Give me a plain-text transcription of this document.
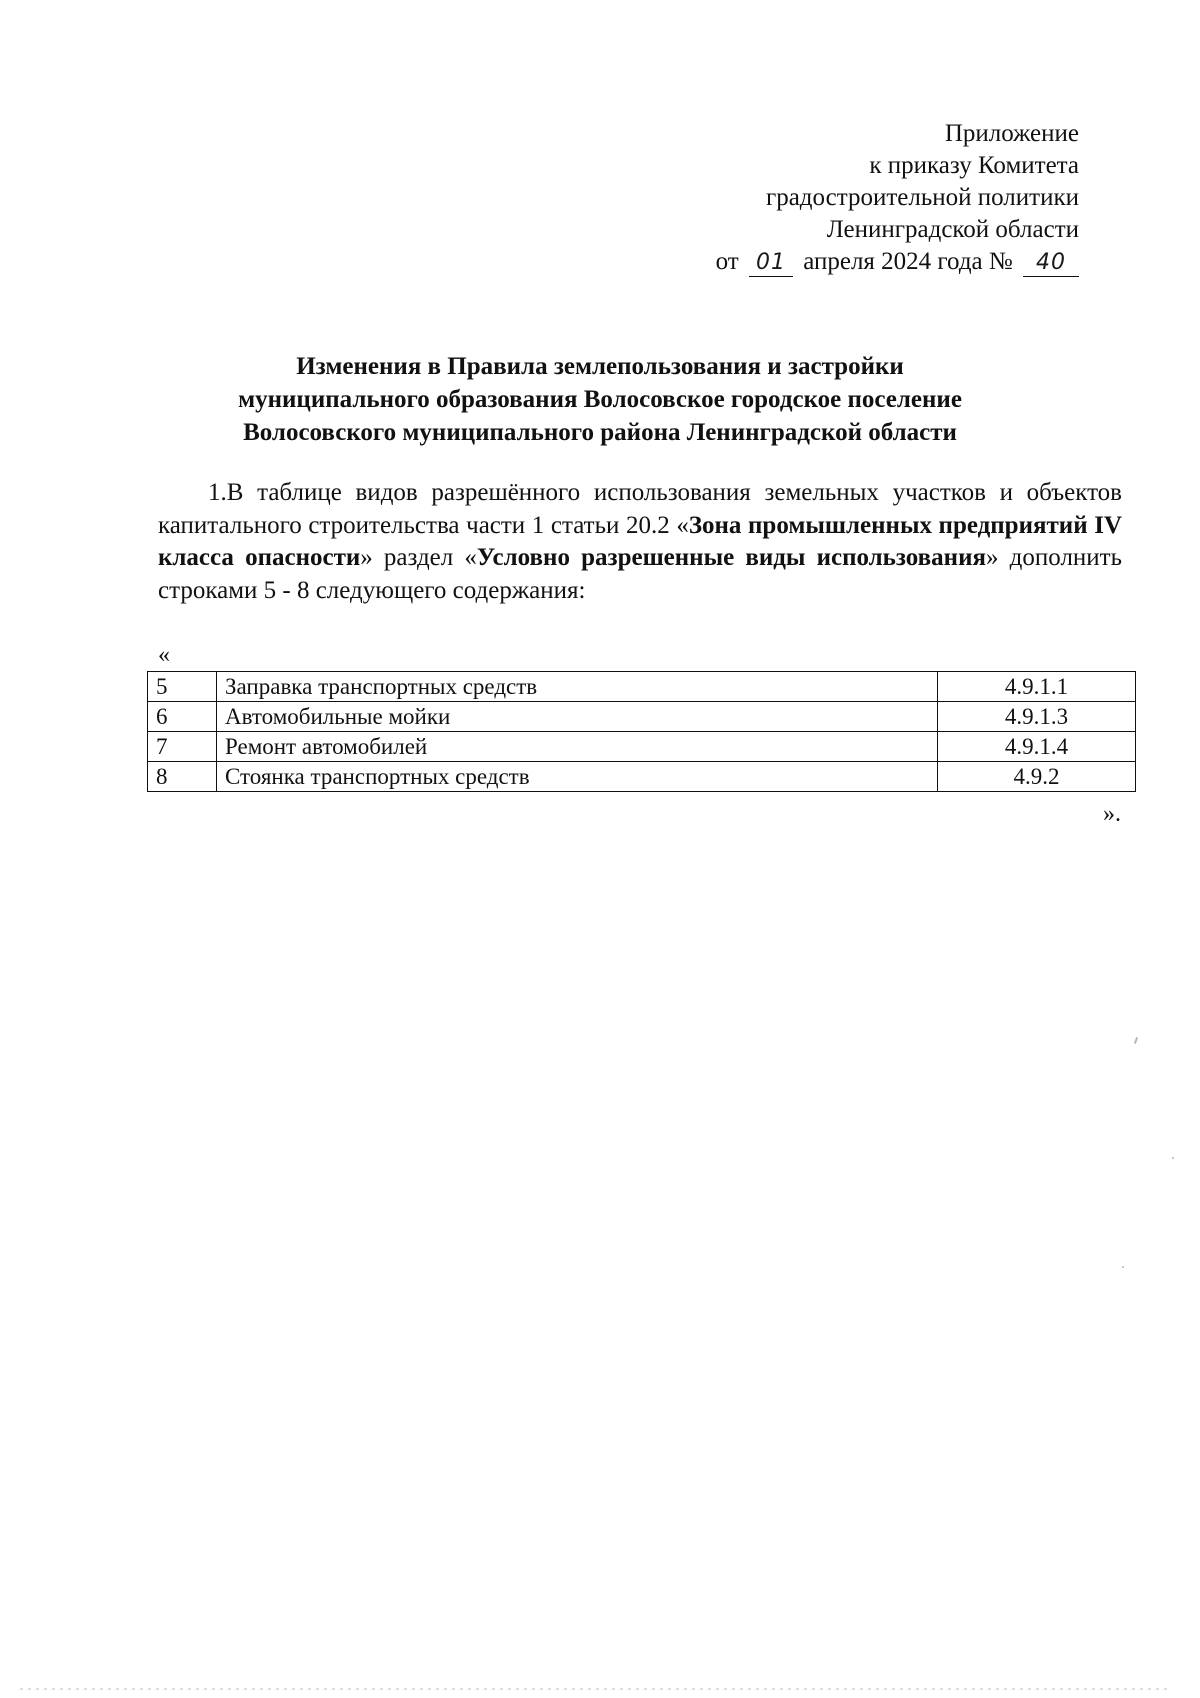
Приложение
к приказу Комитета
градостроительной политики
Ленинградской области
от 01 апреля 2024 года № 40
Изменения в Правила землепользования и застройки
муниципального образования Волосовское городское поселение
Волосовского муниципального района Ленинградской области

1.В таблице видов разрешённого использования земельных участков и объектов капитального строительства части 1 статьи 20.2 «Зона промышленных предприятий IV класса опасности» раздел «Условно разрешенные виды использования» дополнить строками 5 - 8 следующего содержания:

«
5	Заправка транспортных средств	4.9.1.1
6	Автомобильные мойки	4.9.1.3
7	Ремонт автомобилей	4.9.1.4
8	Стоянка транспортных средств	4.9.2
».
